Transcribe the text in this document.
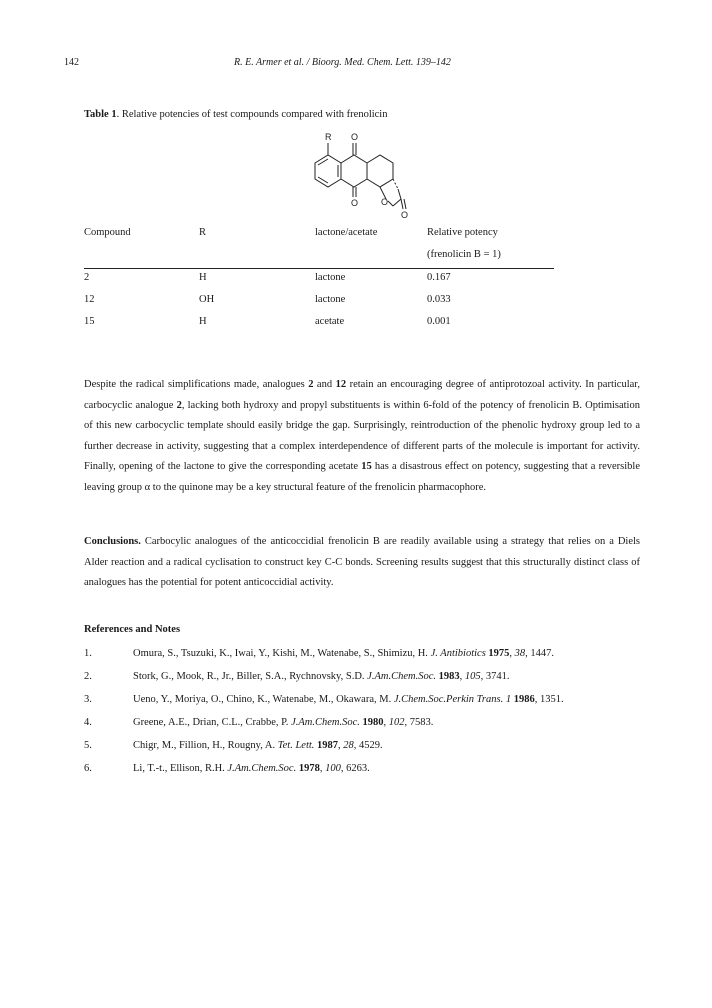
142	R. E. Armer et al. / Bioorg. Med. Chem. Lett. 139–142
Table 1. Relative potencies of test compounds compared with frenolicin
R O
O	O
O
Compound	R	lactone/acetate	Relative potency
(frenolicin B = 1)
2	H	lactone	0.167
12	OH	lactone	0.033
15	H	acetate	0.001
Despite the radical simplifications made, analogues 2 and 12 retain an encouraging degree of antiprotozoal activity. In particular, carbocyclic analogue 2, lacking both hydroxy and propyl substituents is within 6-fold of the potency of frenolicin B. Optimisation of this new carbocyclic template should easily bridge the gap. Surprisingly, reintroduction of the phenolic hydroxy group led to a further decrease in activity, suggesting that a complex interdependence of different parts of the molecule is important for activity. Finally, opening of the lactone to give the corresponding acetate 15 has a disastrous effect on potency, suggesting that a reversible leaving group α to the quinone may be a key structural feature of the frenolicin pharmacophore.
Conclusions. Carbocylic analogues of the anticoccidial frenolicin B are readily available using a strategy that relies on a Diels Alder reaction and a radical cyclisation to construct key C-C bonds. Screening results suggest that this structurally distinct class of analogues has the potential for potent anticoccidial activity.
References and Notes
1.	Omura, S., Tsuzuki, K., Iwai, Y., Kishi, M., Watenabe, S., Shimizu, H. J. Antibiotics 1975, 38, 1447.
2.	Stork, G., Mook, R., Jr., Biller, S.A., Rychnovsky, S.D. J.Am.Chem.Soc. 1983, 105, 3741.
3.	Ueno, Y., Moriya, O., Chino, K., Watenabe, M., Okawara, M. J.Chem.Soc.Perkin Trans. 1 1986, 1351.
4.	Greene, A.E., Drian, C.L., Crabbe, P. J.Am.Chem.Soc. 1980, 102, 7583.
5.	Chigr, M., Fillion, H., Rougny, A. Tet. Lett. 1987, 28, 4529.
6.	Li, T.-t., Ellison, R.H. J.Am.Chem.Soc. 1978, 100, 6263.
